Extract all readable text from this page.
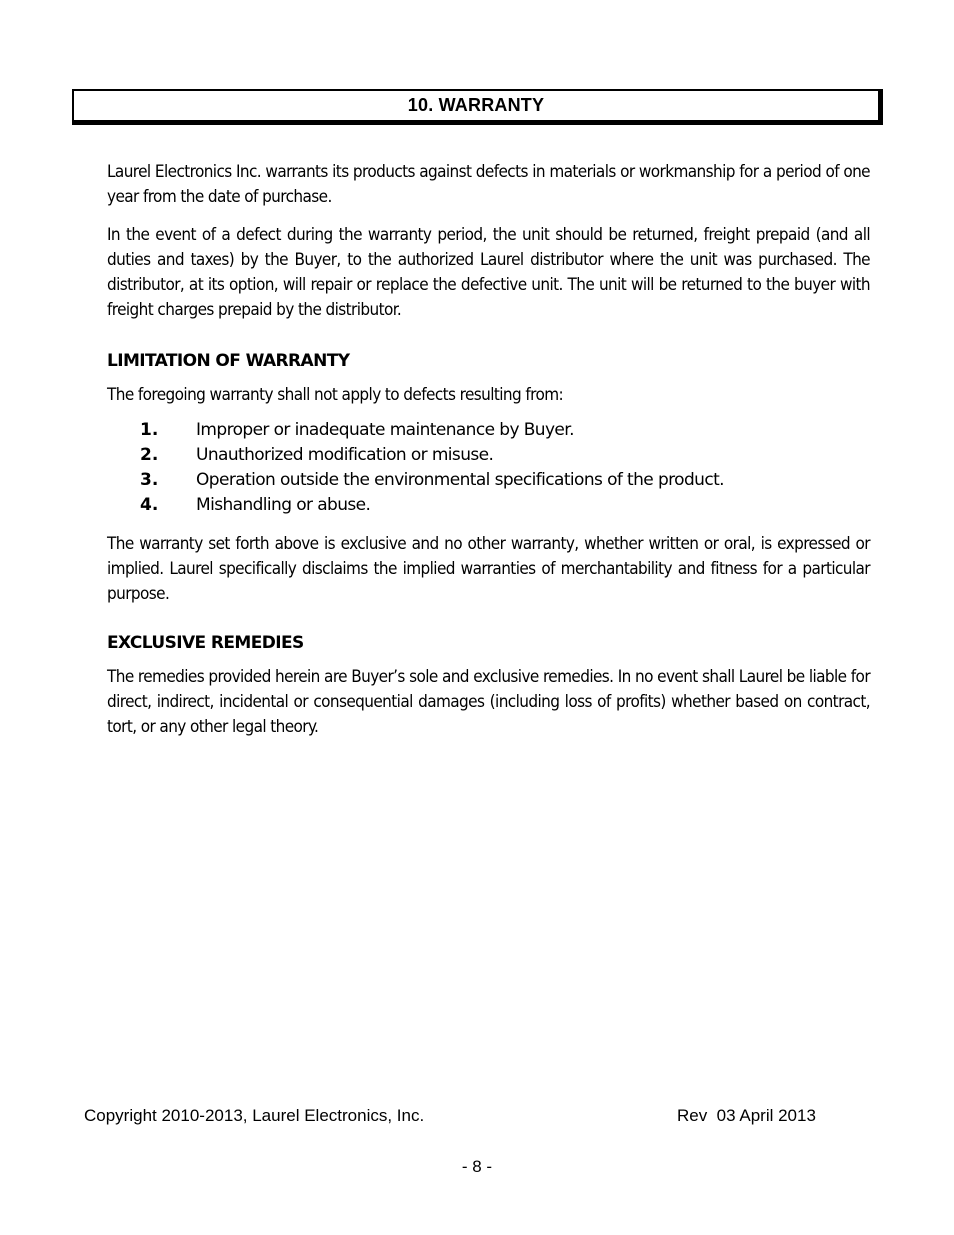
10. WARRANTY

Laurel Electronics Inc. warrants its products against defects in materials or workmanship for a period of one year from the date of purchase.

In the event of a defect during the warranty period, the unit should be returned, freight prepaid (and all duties and taxes) by the Buyer, to the authorized Laurel distributor where the unit was purchased. The distributor, at its option, will repair or replace the defective unit. The unit will be returned to the buyer with freight charges prepaid by the distributor.

LIMITATION OF WARRANTY

The foregoing warranty shall not apply to defects resulting from:

1. Improper or inadequate maintenance by Buyer.
2. Unauthorized modification or misuse.
3. Operation outside the environmental specifications of the product.
4. Mishandling or abuse.

The warranty set forth above is exclusive and no other warranty, whether written or oral, is expressed or implied. Laurel specifically disclaims the implied warranties of merchantability and fitness for a particular purpose.

EXCLUSIVE REMEDIES

The remedies provided herein are Buyer’s sole and exclusive remedies. In no event shall Laurel be liable for direct, indirect, incidental or consequential damages (including loss of profits) whether based on contract, tort, or any other legal theory.

Copyright 2010-2013, Laurel Electronics, Inc.	Rev  03 April 2013
- 8 -
